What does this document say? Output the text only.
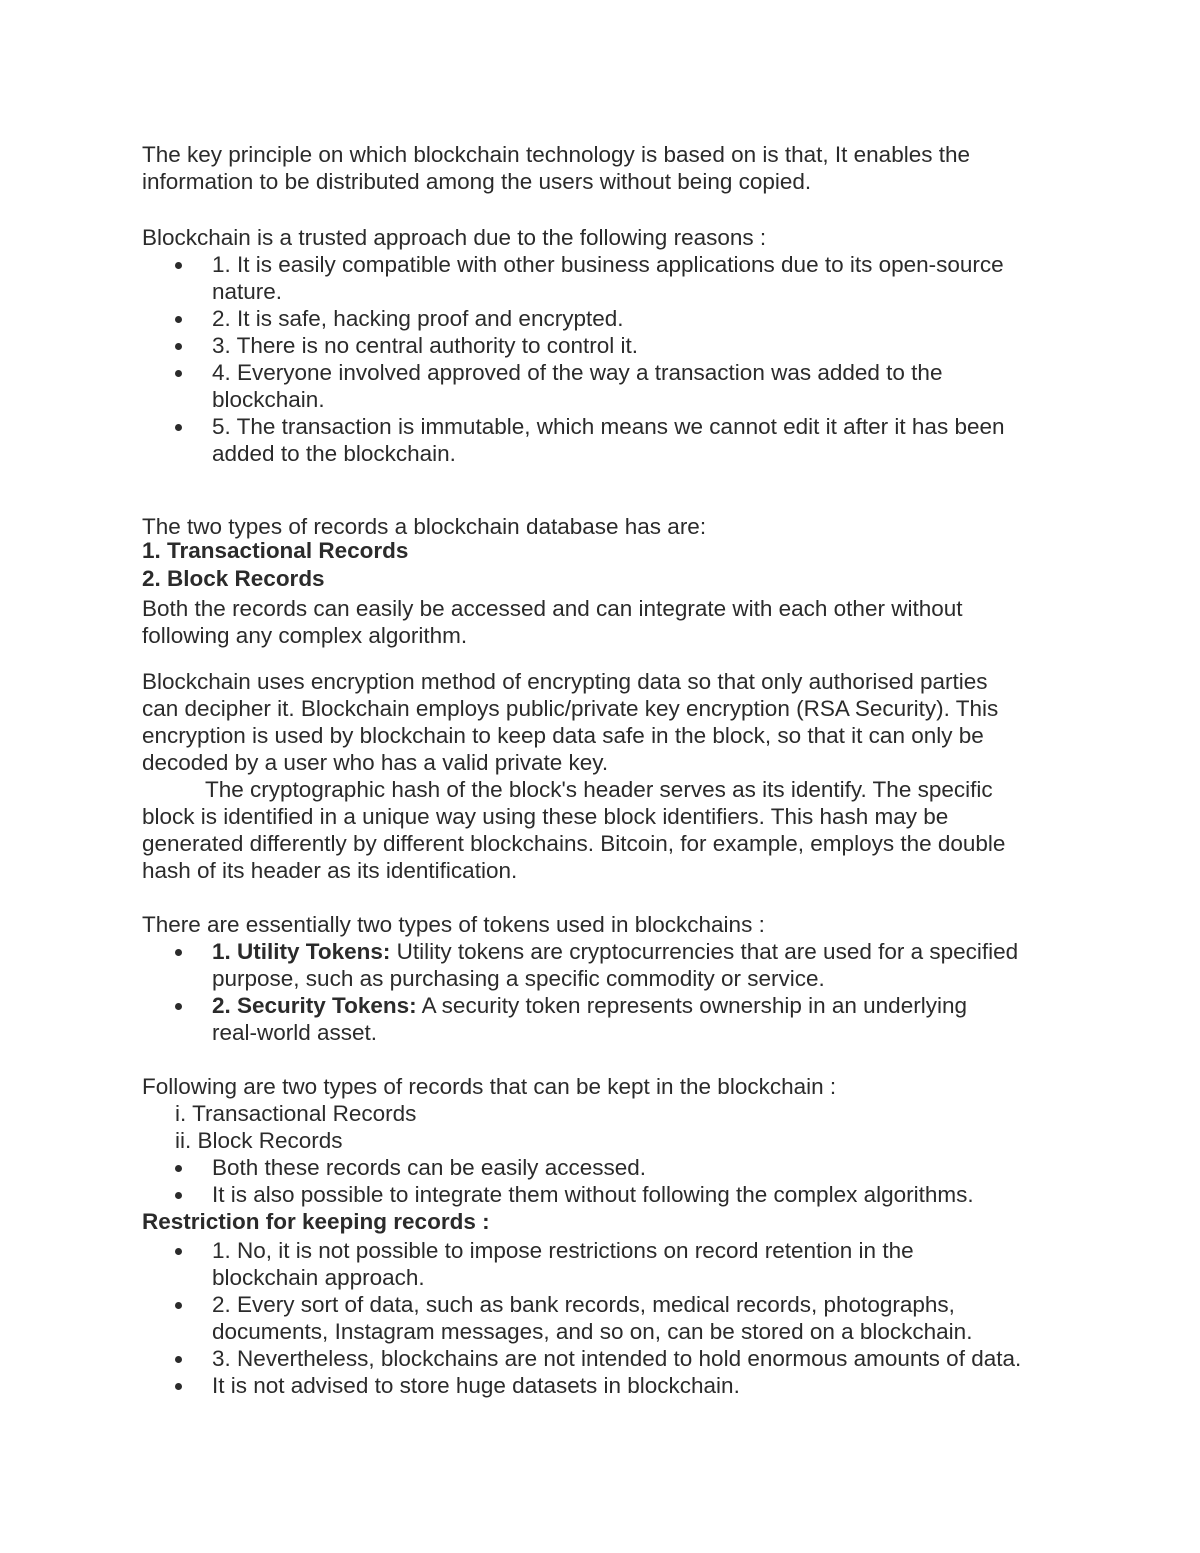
The key principle on which blockchain technology is based on is that, It enables the
information to be distributed among the users without being copied.
Blockchain is a trusted approach due to the following reasons :
1. It is easily compatible with other business applications due to its open-source
nature.
2. It is safe, hacking proof and encrypted.
3. There is no central authority to control it.
4. Everyone involved approved of the way a transaction was added to the
blockchain.
5. The transaction is immutable, which means we cannot edit it after it has been
added to the blockchain.
The two types of records a blockchain database has are:
1. Transactional Records
2. Block Records
Both the records can easily be accessed and can integrate with each other without
following any complex algorithm.
Blockchain uses encryption method of encrypting data so that only authorised parties
can decipher it. Blockchain employs public/private key encryption (RSA Security). This
encryption is used by blockchain to keep data safe in the block, so that it can only be
decoded by a user who has a valid private key.
The cryptographic hash of the block's header serves as its identify. The specific
block is identified in a unique way using these block identifiers. This hash may be
generated differently by different blockchains. Bitcoin, for example, employs the double
hash of its header as its identification.
There are essentially two types of tokens used in blockchains :
1. Utility Tokens: Utility tokens are cryptocurrencies that are used for a specified
purpose, such as purchasing a specific commodity or service.
2. Security Tokens: A security token represents ownership in an underlying
real-world asset.
Following are two types of records that can be kept in the blockchain :
i. Transactional Records
ii. Block Records
Both these records can be easily accessed.
It is also possible to integrate them without following the complex algorithms.
Restriction for keeping records :
1. No, it is not possible to impose restrictions on record retention in the
blockchain approach.
2. Every sort of data, such as bank records, medical records, photographs,
documents, Instagram messages, and so on, can be stored on a blockchain.
3. Nevertheless, blockchains are not intended to hold enormous amounts of data.
It is not advised to store huge datasets in blockchain.
